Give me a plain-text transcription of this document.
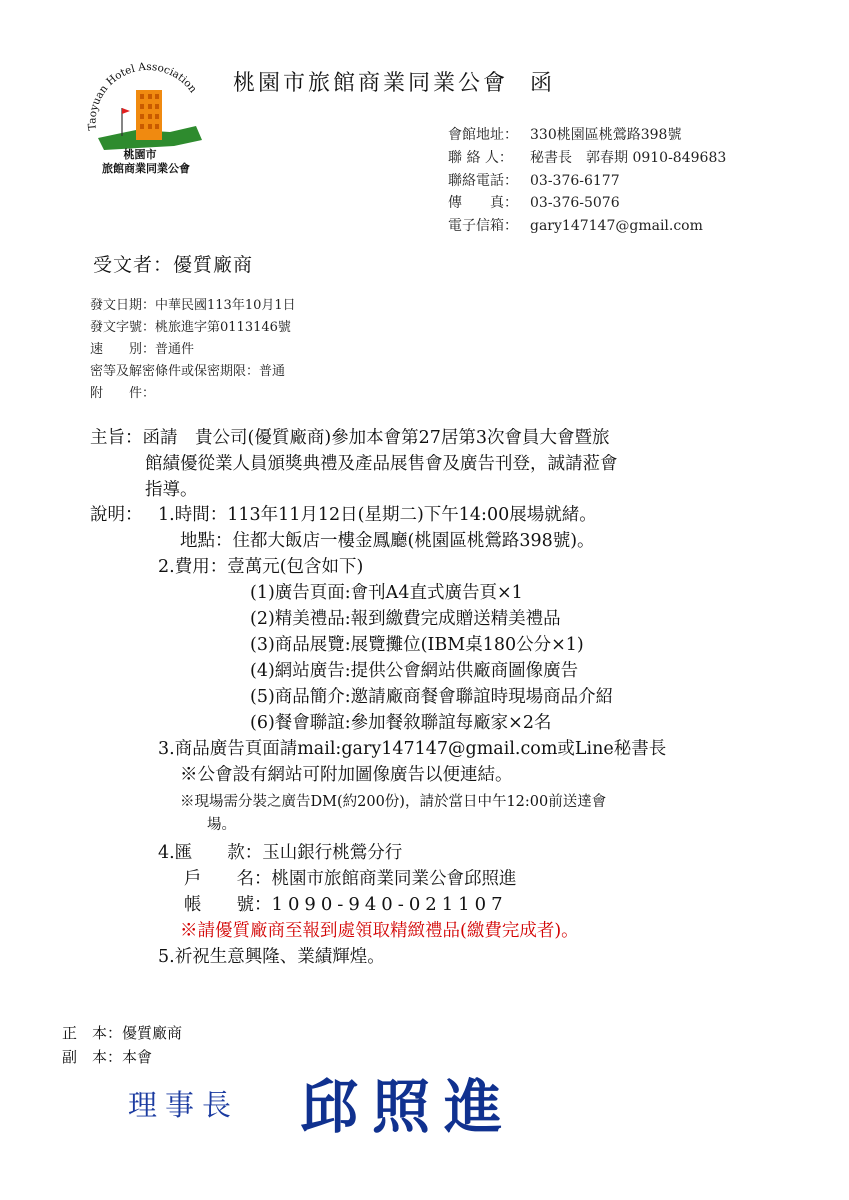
Taoyuan Hotel Association
桃園市
旅館商業同業公會
桃園市旅館商業同業公會 函
會館地址： 330桃園區桃鶯路398號
聯 絡 人： 秘書長　郭春期 0910-849683
聯絡電話： 03-376-6177
傳　　真： 03-376-5076
電子信箱： gary147147@gmail.com
受文者：優質廠商
發文日期：中華民國113年10月1日
發文字號：桃旅進字第0113146號
速　　別：普通件
密等及解密條件或保密期限：普通
附　　件：
主旨：函請　貴公司(優質廠商)參加本會第27居第3次會員大會暨旅
館績優從業人員頒獎典禮及產品展售會及廣告刊登，誠請蒞會
指導。
說明： 1.時間：113年11月12日(星期二)下午14:00展場就緒。
地點：住都大飯店一樓金鳳廳(桃園區桃鶯路398號)。
2.費用：壹萬元(包含如下)
(1)廣告頁面:會刊A4直式廣告頁×1
(2)精美禮品:報到繳費完成贈送精美禮品
(3)商品展覽:展覽攤位(IBM桌180公分×1)
(4)網站廣告:提供公會網站供廠商圖像廣告
(5)商品簡介:邀請廠商餐會聯誼時現場商品介紹
(6)餐會聯誼:參加餐敘聯誼每廠家×2名
3.商品廣告頁面請mail:gary147147@gmail.com或Line秘書長
※公會設有網站可附加圖像廣告以便連結。
※現場需分裝之廣告DM(約200份)，請於當日中午12:00前送達會
場。
4.匯　　款：玉山銀行桃鶯分行
戶　　名：桃園市旅館商業同業公會邱照進
帳　　號：1090-940-021107
※請優質廠商至報到處領取精緻禮品(繳費完成者)。
5.祈祝生意興隆、業績輝煌。
正　本：優質廠商
副　本：本會
理事長 邱照進
